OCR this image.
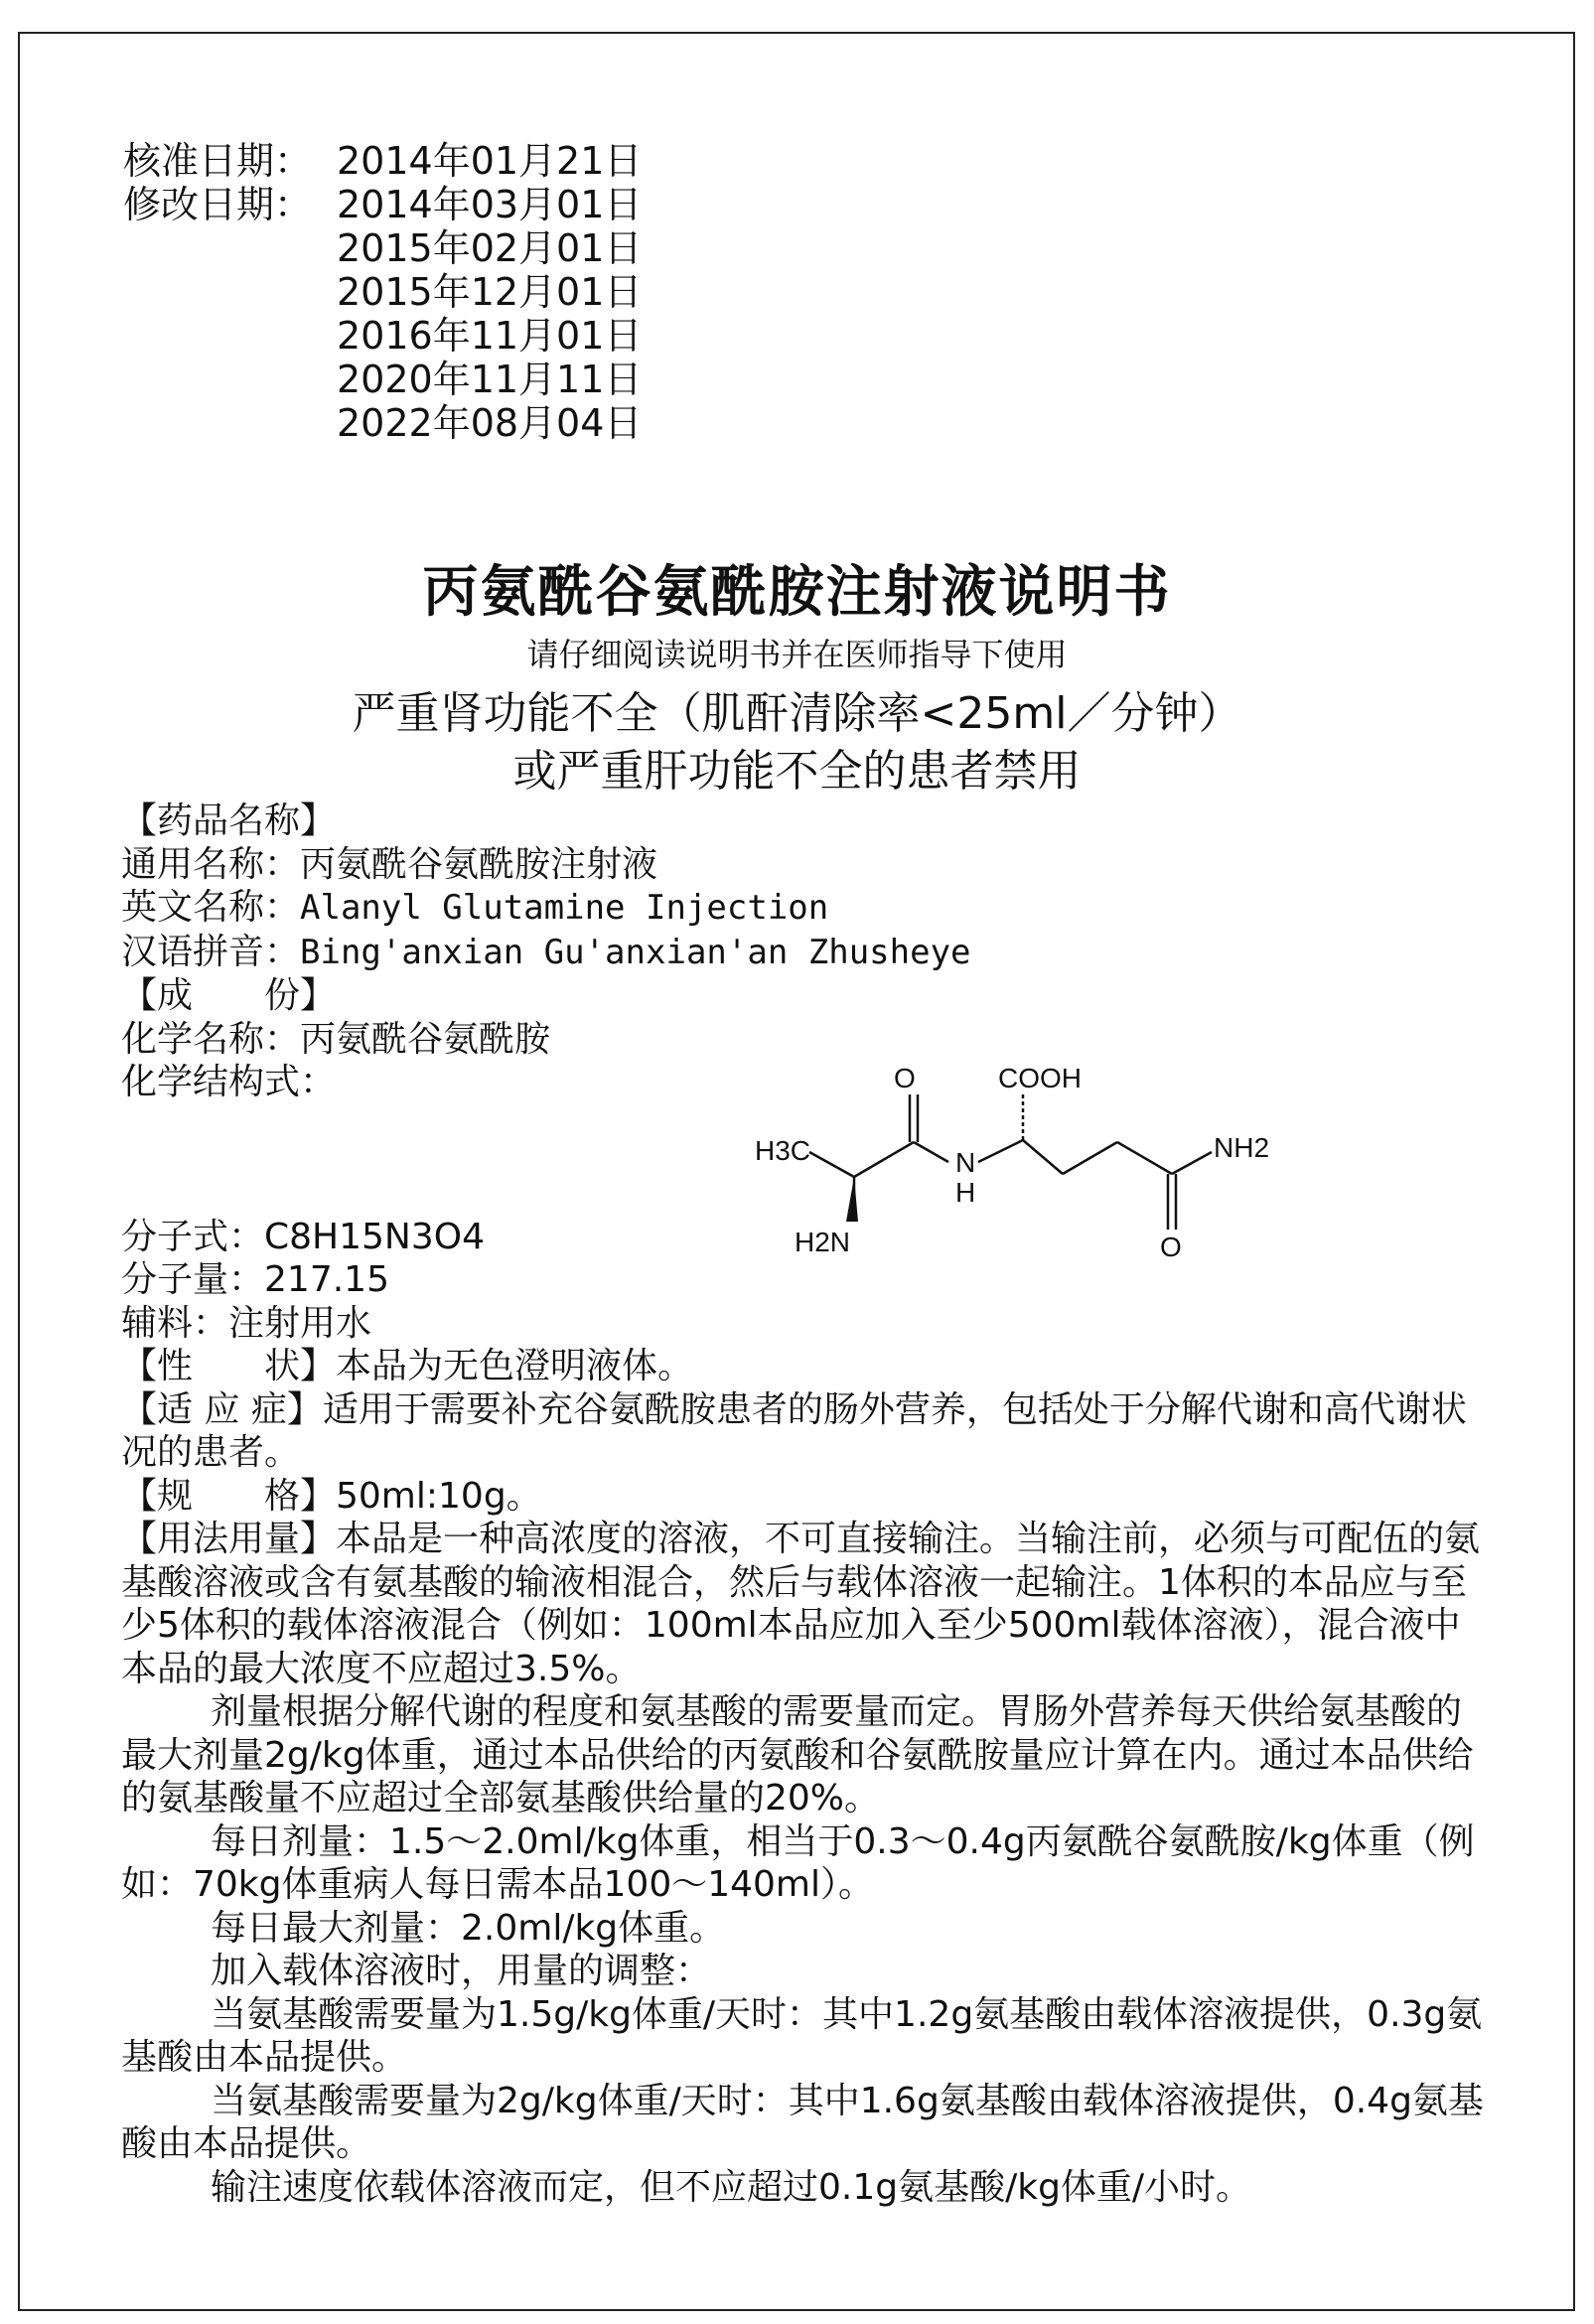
核准日期： 2014年01月21日
修改日期： 2014年03月01日
2015年02月01日
2015年12月01日
2016年11月01日
2020年11月11日
2022年08月04日
丙氨酰谷氨酰胺注射液说明书
请仔细阅读说明书并在医师指导下使用
严重肾功能不全（肌酐清除率<25ml／分钟）
或严重肝功能不全的患者禁用

【药品名称】

通用名称：丙氨酰谷氨酰胺注射液

英文名称：Alanyl Glutamine Injection

汉语拼音：Bing'anxian Gu'anxian'an Zhusheye

【成　　份】

化学名称：丙氨酰谷氨酰胺

化学结构式：

分子式：C8H15N3O4

分子量：217.15

辅料：注射用水

【性　　状】本品为无色澄明液体。

【适 应 症】适用于需要补充谷氨酰胺患者的肠外营养，包括处于分解代谢和高代谢状况的患者。

【规　　格】50ml:10g。

【用法用量】本品是一种高浓度的溶液，不可直接输注。当输注前，必须与可配伍的氨基酸溶液或含有氨基酸的输液相混合，然后与载体溶液一起输注。1体积的本品应与至少5体积的载体溶液混合（例如：100ml本品应加入至少500ml载体溶液），混合液中本品的最大浓度不应超过3.5%。

剂量根据分解代谢的程度和氨基酸的需要量而定。胃肠外营养每天供给氨基酸的最大剂量2g/kg体重，通过本品供给的丙氨酸和谷氨酰胺量应计算在内。通过本品供给的氨基酸量不应超过全部氨基酸供给量的20%。

每日剂量：1.5～2.0ml/kg体重，相当于0.3～0.4g丙氨酰谷氨酰胺/kg体重（例如：70kg体重病人每日需本品100～140ml）。

每日最大剂量：2.0ml/kg体重。

加入载体溶液时，用量的调整：

当氨基酸需要量为1.5g/kg体重/天时：其中1.2g氨基酸由载体溶液提供，0.3g氨基酸由本品提供。

当氨基酸需要量为2g/kg体重/天时：其中1.6g氨基酸由载体溶液提供，0.4g氨基酸由本品提供。

输注速度依载体溶液而定，但不应超过0.1g氨基酸/kg体重/小时。

O	COOH
H3C	N
H
NH2
H2N	O
